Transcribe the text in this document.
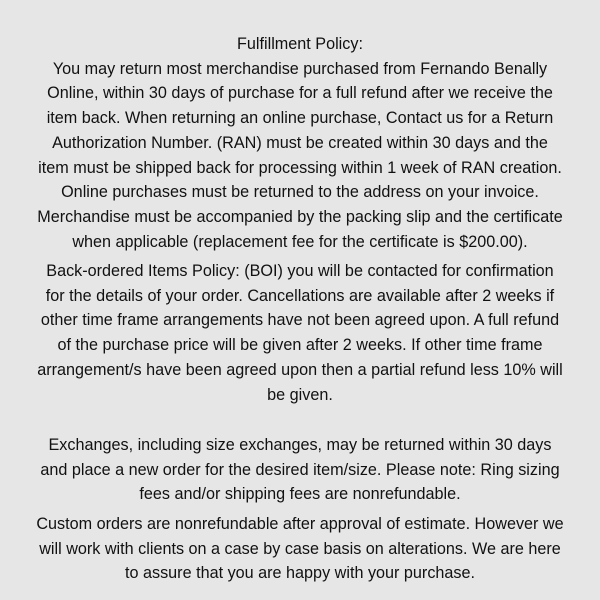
Fulfillment Policy:
You may return most merchandise purchased from Fernando Benally
Online, within 30 days of purchase for a full refund after we receive the
item back. When returning an online purchase, Contact us for a Return
Authorization Number. (RAN) must be created within 30 days and the
item must be shipped back for processing within 1 week of RAN creation.
Online purchases must be returned to the address on your invoice.
Merchandise must be accompanied by the packing slip and the certificate
when applicable (replacement fee for the certificate is $200.00).

Back-ordered Items Policy: (BOI) you will be contacted for confirmation
for the details of your order. Cancellations are available after 2 weeks if
other time frame arrangements have not been agreed upon. A full refund
of the purchase price will be given after 2 weeks. If other time frame
arrangement/s have been agreed upon then a partial refund less 10% will
be given.

Exchanges, including size exchanges, may be returned within 30 days
and place a new order for the desired item/size. Please note: Ring sizing
fees and/or shipping fees are nonrefundable.

Custom orders are nonrefundable after approval of estimate. However we
will work with clients on a case by case basis on alterations. We are here
to assure that you are happy with your purchase.
